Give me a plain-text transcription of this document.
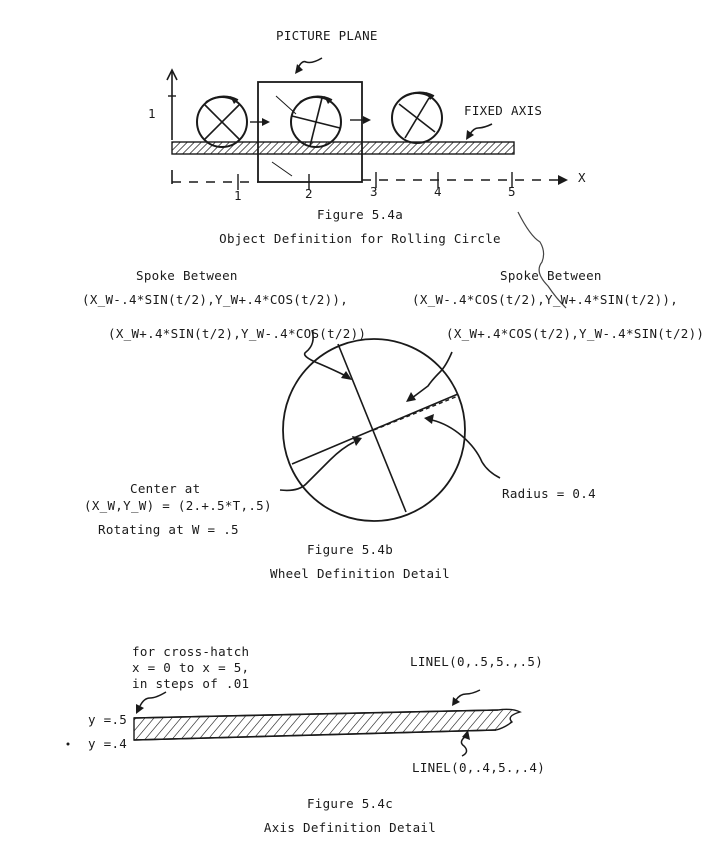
PICTURE PLANE
FIXED AXIS
1
X
1	2	3	4	5
Figure 5.4a
Object Definition for Rolling Circle
Spoke Between
(X_W-.4*SIN(t/2),Y_W+.4*COS(t/2)),
(X_W+.4*SIN(t/2),Y_W-.4*COS(t/2))
Spoke Between
(X_W-.4*COS(t/2),Y_W+.4*SIN(t/2)),
(X_W+.4*COS(t/2),Y_W-.4*SIN(t/2))
Center at
(X_W,Y_W) = (2.+.5*T,.5)
Rotating at W = .5
Radius = 0.4
Figure 5.4b
Wheel Definition Detail
for cross-hatch
x = 0 to x = 5,
in steps of .01
LINEL(0,.5,5.,.5)
y =.5
y =.4
LINEL(0,.4,5.,.4)
Figure 5.4c
Axis Definition Detail
